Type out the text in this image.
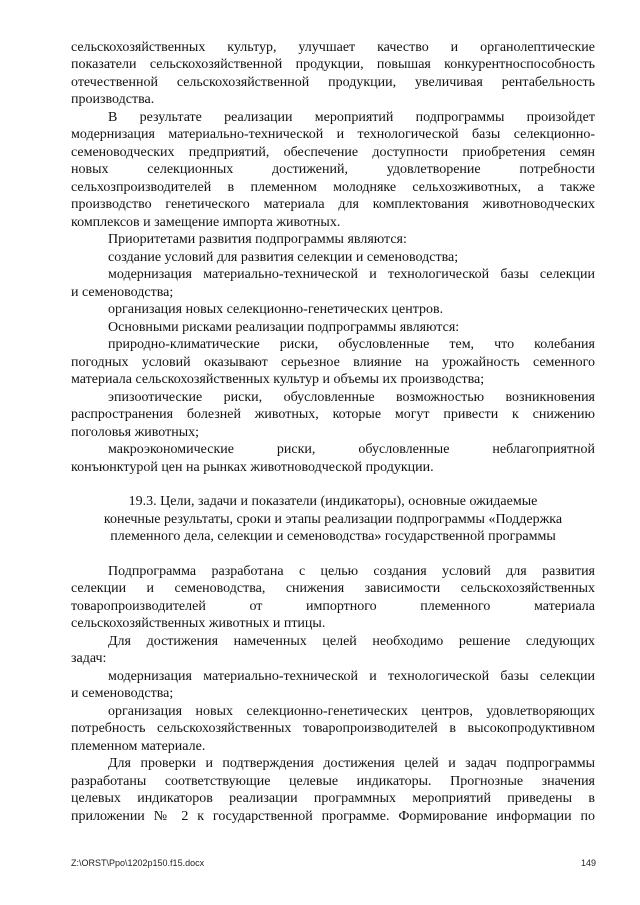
сельскохозяйственных культур, улучшает качество и органолептические
показатели сельскохозяйственной продукции, повышая конкурентноспособность
отечественной сельскохозяйственной продукции, увеличивая рентабельность
производства.
В результате реализации мероприятий подпрограммы произойдет
модернизация материально-технической и технологической базы селекционно-
семеноводческих предприятий, обеспечение доступности приобретения семян
новых селекционных достижений, удовлетворение потребности
сельхозпроизводителей в племенном молодняке сельхозживотных, а также
производство генетического материала для комплектования животноводческих
комплексов и замещение импорта животных.
Приоритетами развития подпрограммы являются:
создание условий для развития селекции и семеноводства;
модернизация материально-технической и технологической базы селекции
и семеноводства;
организация новых селекционно-генетических центров.
Основными рисками реализации подпрограммы являются:
природно-климатические риски, обусловленные тем, что колебания
погодных условий оказывают серьезное влияние на урожайность семенного
материала сельскохозяйственных культур и объемы их производства;
эпизоотические риски, обусловленные возможностью возникновения
распространения болезней животных, которые могут привести к снижению
поголовья животных;
макроэкономические риски, обусловленные неблагоприятной
конъюнктурой цен на рынках животноводческой продукции.
19.3. Цели, задачи и показатели (индикаторы), основные ожидаемые
конечные результаты, сроки и этапы реализации подпрограммы «Поддержка
племенного дела, селекции и семеноводства» государственной программы
Подпрограмма разработана с целью создания условий для развития
селекции и семеноводства, снижения зависимости сельскохозяйственных
товаропроизводителей от импортного племенного материала
сельскохозяйственных животных и птицы.
Для достижения намеченных целей необходимо решение следующих
задач:
модернизация материально-технической и технологической базы селекции
и семеноводства;
организация новых селекционно-генетических центров, удовлетворяющих
потребность сельскохозяйственных товаропроизводителей в высокопродуктивном
племенном материале.
Для проверки и подтверждения достижения целей и задач подпрограммы
разработаны соответствующие целевые индикаторы. Прогнозные значения
целевых индикаторов реализации программных мероприятий приведены в
приложении № 2 к государственной программе. Формирование информации по
Z:\ORST\Ppo\1202p150.f15.docx	149
